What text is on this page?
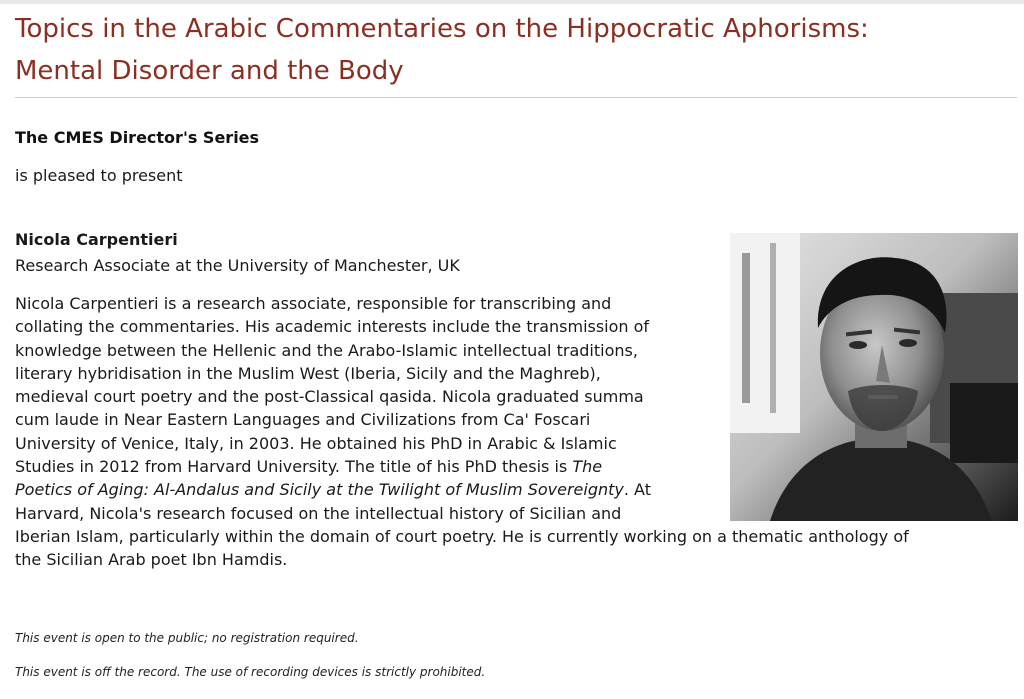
Topics in the Arabic Commentaries on the Hippocratic Aphorisms:
Mental Disorder and the Body

The CMES Director's Series

is pleased to present

Nicola Carpentieri

Research Associate at the University of Manchester, UK

Nicola Carpentieri is a research associate, responsible for transcribing and
collating the commentaries. His academic interests include the transmission of
knowledge between the Hellenic and the Arabo-Islamic intellectual traditions,
literary hybridisation in the Muslim West (Iberia, Sicily and the Maghreb),
medieval court poetry and the post-Classical qasida. Nicola graduated summa
cum laude in Near Eastern Languages and Civilizations from Ca' Foscari
University of Venice, Italy, in 2003. He obtained his PhD in Arabic & Islamic
Studies in 2012 from Harvard University. The title of his PhD thesis is The
Poetics of Aging: Al-Andalus and Sicily at the Twilight of Muslim Sovereignty. At
Harvard, Nicola's research focused on the intellectual history of Sicilian and
Iberian Islam, particularly within the domain of court poetry. He is currently working on a thematic anthology of
the Sicilian Arab poet Ibn Hamdis.

This event is open to the public; no registration required.

This event is off the record. The use of recording devices is strictly prohibited.
